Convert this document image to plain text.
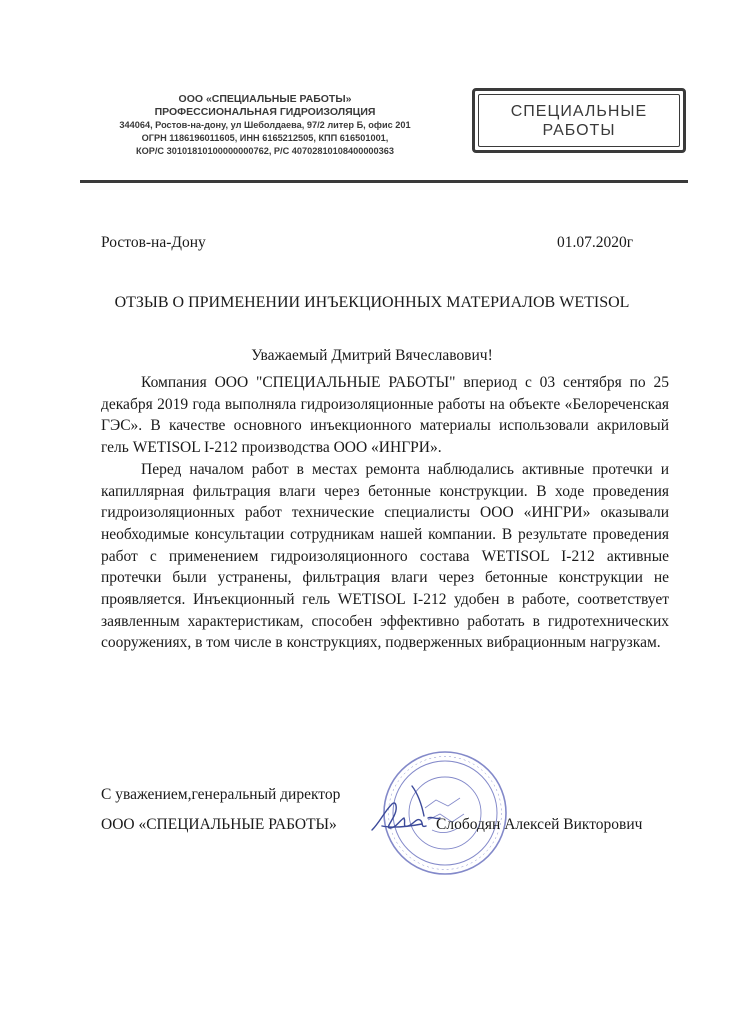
ООО «СПЕЦИАЛЬНЫЕ РАБОТЫ»
ПРОФЕССИОНАЛЬНАЯ ГИДРОИЗОЛЯЦИЯ
344064, Ростов-на-дону, ул Шеболдаева, 97/2 литер Б, офис 201
ОГРН 1186196011605, ИНН 6165212505, КПП 616501001,
КОР/С 30101810100000000762, Р/С 40702810108400000363
СПЕЦИАЛЬНЫЕ
РАБОТЫ
Ростов-на-Дону	01.07.2020г
ОТЗЫВ О ПРИМЕНЕНИИ ИНЪЕКЦИОННЫХ МАТЕРИАЛОВ WETISOL
Уважаемый Дмитрий Вячеславович!

Компания ООО "СПЕЦИАЛЬНЫЕ РАБОТЫ" впериод с 03 сентября по 25 декабря 2019 года выполняла гидроизоляционные работы на объекте «Белореченская ГЭС». В качестве основного инъекционного материалы использовали акриловый гель WETISOL I-212 производства ООО «ИНГРИ».

Перед началом работ в местах ремонта наблюдались активные протечки и капиллярная фильтрация влаги через бетонные конструкции. В ходе проведения гидроизоляционных работ технические специалисты ООО «ИНГРИ» оказывали необходимые консультации сотрудникам нашей компании. В результате проведения работ с применением гидроизоляционного состава WETISOL I-212 активные протечки были устранены, фильтрация влаги через бетонные конструкции не проявляется. Инъекционный гель WETISOL I-212 удобен в работе, соответствует заявленным характеристикам, способен эффективно работать в гидротехнических сооружениях, в том числе в конструкциях, подверженных вибрационным нагрузкам.

С уважением,генеральный директор
ООО «СПЕЦИАЛЬНЫЕ РАБОТЫ»	Слободян Алексей Викторович
